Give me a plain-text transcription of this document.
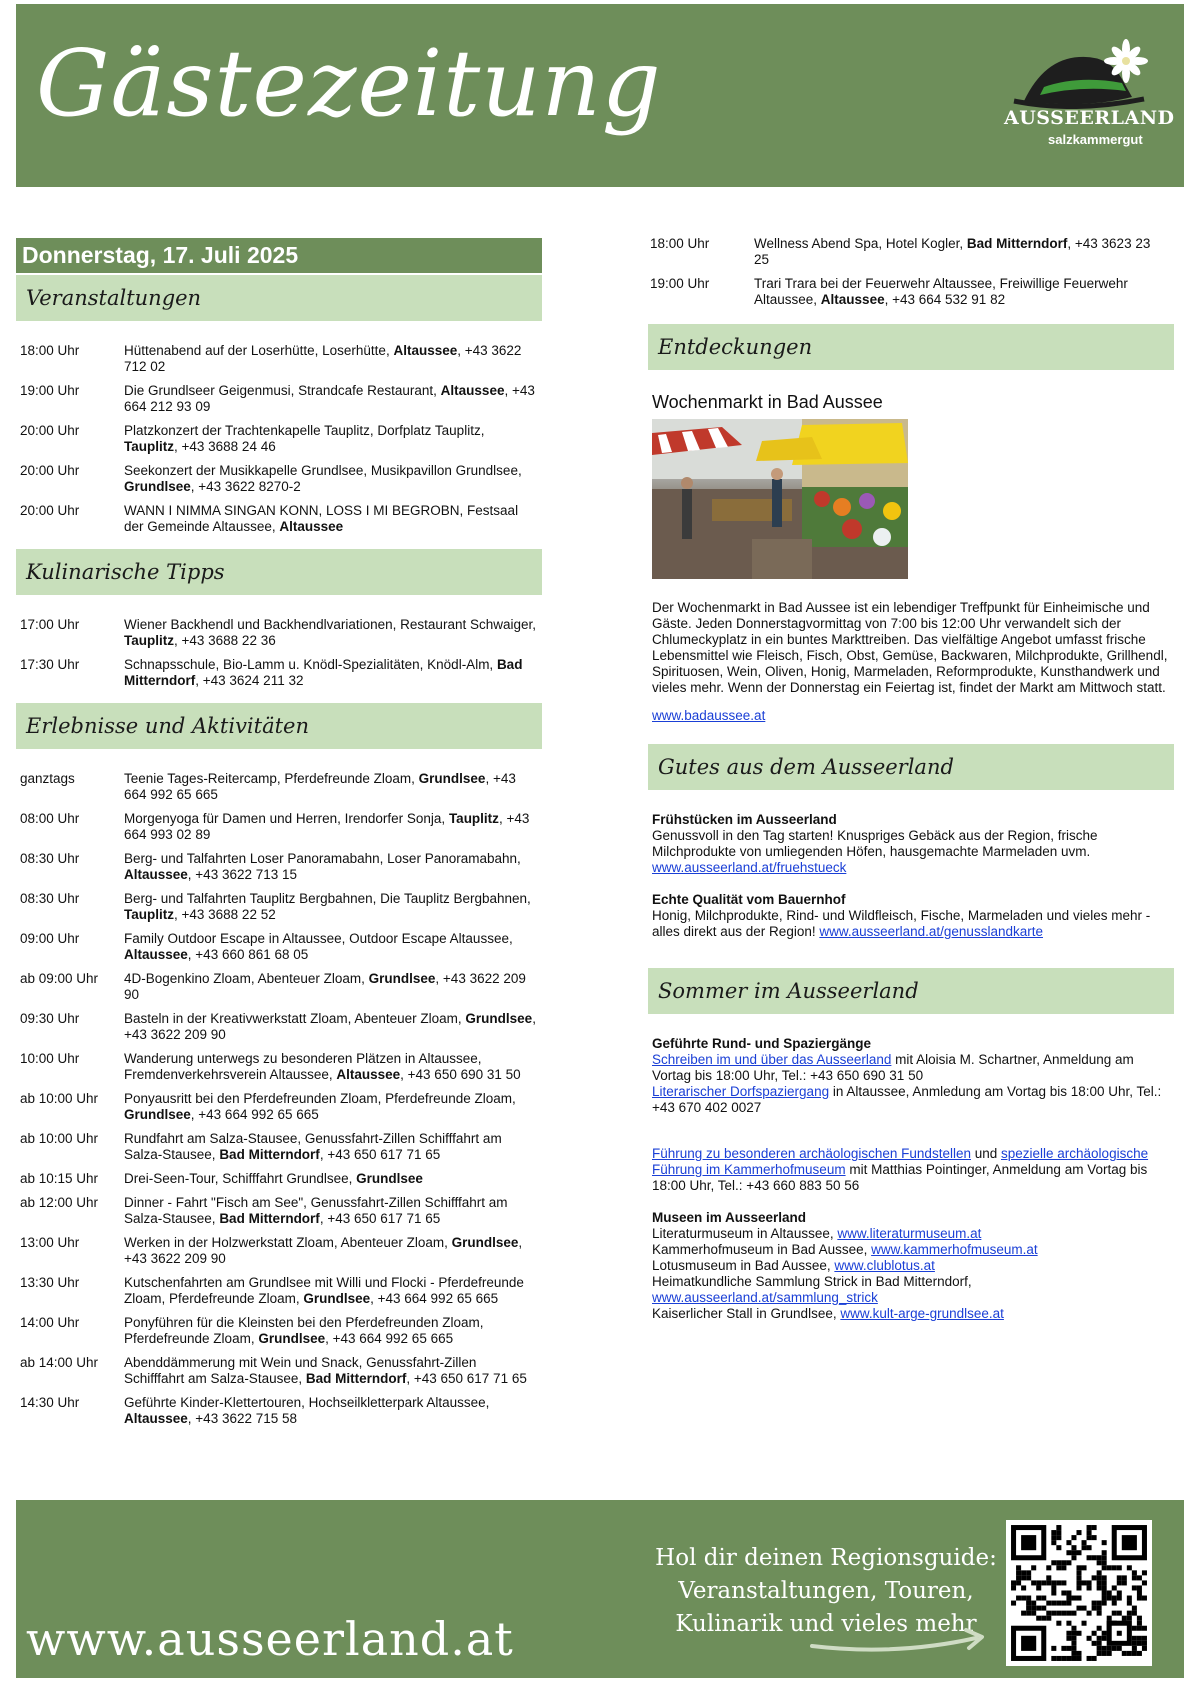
Gästezeitung	AUSSEERLAND
salzkammergut
Donnerstag, 17. Juli 2025
Veranstaltungen
18:00 Uhr	Hüttenabend auf der Loserhütte, Loserhütte, Altaussee, +43 3622 712 02
19:00 Uhr	Die Grundlseer Geigenmusi, Strandcafe Restaurant, Altaussee, +43 664 212 93 09
20:00 Uhr	Platzkonzert der Trachtenkapelle Tauplitz, Dorfplatz Tauplitz, Tauplitz, +43 3688 24 46
20:00 Uhr	Seekonzert der Musikkapelle Grundlsee, Musikpavillon Grundlsee, Grundlsee, +43 3622 8270-2
20:00 Uhr	WANN I NIMMA SINGAN KONN, LOSS I MI BEGROBN, Festsaal der Gemeinde Altaussee, Altaussee
Kulinarische Tipps
17:00 Uhr	Wiener Backhendl und Backhendlvariationen, Restaurant Schwaiger, Tauplitz, +43 3688 22 36
17:30 Uhr	Schnapsschule, Bio-Lamm u. Knödl-Spezialitäten, Knödl-Alm, Bad Mitterndorf, +43 3624 211 32
Erlebnisse und Aktivitäten
ganztags	Teenie Tages-Reitercamp, Pferdefreunde Zloam, Grundlsee, +43 664 992 65 665
08:00 Uhr	Morgenyoga für Damen und Herren, Irendorfer Sonja, Tauplitz, +43 664 993 02 89
08:30 Uhr	Berg- und Talfahrten Loser Panoramabahn, Loser Panoramabahn, Altaussee, +43 3622 713 15
08:30 Uhr	Berg- und Talfahrten Tauplitz Bergbahnen, Die Tauplitz Bergbahnen, Tauplitz, +43 3688 22 52
09:00 Uhr	Family Outdoor Escape in Altaussee, Outdoor Escape Altaussee, Altaussee, +43 660 861 68 05
ab 09:00 Uhr	4D-Bogenkino Zloam, Abenteuer Zloam, Grundlsee, +43 3622 209 90
09:30 Uhr	Basteln in der Kreativwerkstatt Zloam, Abenteuer Zloam, Grundlsee, +43 3622 209 90
10:00 Uhr	Wanderung unterwegs zu besonderen Plätzen in Altaussee, Fremdenverkehrsverein Altaussee, Altaussee, +43 650 690 31 50
ab 10:00 Uhr	Ponyausritt bei den Pferdefreunden Zloam, Pferdefreunde Zloam, Grundlsee, +43 664 992 65 665
ab 10:00 Uhr	Rundfahrt am Salza-Stausee, Genussfahrt-Zillen Schifffahrt am Salza-Stausee, Bad Mitterndorf, +43 650 617 71 65
ab 10:15 Uhr	Drei-Seen-Tour, Schifffahrt Grundlsee, Grundlsee
ab 12:00 Uhr	Dinner - Fahrt "Fisch am See", Genussfahrt-Zillen Schifffahrt am Salza-Stausee, Bad Mitterndorf, +43 650 617 71 65
13:00 Uhr	Werken in der Holzwerkstatt Zloam, Abenteuer Zloam, Grundlsee, +43 3622 209 90
13:30 Uhr	Kutschenfahrten am Grundlsee mit Willi und Flocki - Pferdefreunde Zloam, Pferdefreunde Zloam, Grundlsee, +43 664 992 65 665
14:00 Uhr	Ponyführen für die Kleinsten bei den Pferdefreunden Zloam, Pferdefreunde Zloam, Grundlsee, +43 664 992 65 665
ab 14:00 Uhr	Abenddämmerung mit Wein und Snack, Genussfahrt-Zillen Schifffahrt am Salza-Stausee, Bad Mitterndorf, +43 650 617 71 65
14:30 Uhr	Geführte Kinder-Klettertouren, Hochseilkletterpark Altaussee, Altaussee, +43 3622 715 58
18:00 Uhr	Wellness Abend Spa, Hotel Kogler, Bad Mitterndorf, +43 3623 23 25
19:00 Uhr	Trari Trara bei der Feuerwehr Altaussee, Freiwillige Feuerwehr Altaussee, Altaussee, +43 664 532 91 82
Entdeckungen
Wochenmarkt in Bad Aussee
Der Wochenmarkt in Bad Aussee ist ein lebendiger Treffpunkt für Einheimische und Gäste. Jeden Donnerstagvormittag von 7:00 bis 12:00 Uhr verwandelt sich der Chlumeckyplatz in ein buntes Markttreiben. Das vielfältige Angebot umfasst frische Lebensmittel wie Fleisch, Fisch, Obst, Gemüse, Backwaren, Milchprodukte, Grillhendl, Spirituosen, Wein, Oliven, Honig, Marmeladen, Reformprodukte, Kunsthandwerk und vieles mehr. Wenn der Donnerstag ein Feiertag ist, findet der Markt am Mittwoch statt.
www.badaussee.at
Gutes aus dem Ausseerland
Frühstücken im Ausseerland
Genussvoll in den Tag starten! Knuspriges Gebäck aus der Region, frische Milchprodukte von umliegenden Höfen, hausgemachte Marmeladen uvm.
www.ausseerland.at/fruehstueck
Echte Qualität vom Bauernhof
Honig, Milchprodukte, Rind- und Wildfleisch, Fische, Marmeladen und vieles mehr - alles direkt aus der Region! www.ausseerland.at/genusslandkarte
Sommer im Ausseerland
Geführte Rund- und Spaziergänge
Schreiben im und über das Ausseerland mit Aloisia M. Schartner, Anmeldung am Vortag bis 18:00 Uhr, Tel.: +43 650 690 31 50
Literarischer Dorfspaziergang in Altaussee, Anmledung am Vortag bis 18:00 Uhr, Tel.: +43 670 402 0027
Führung zu besonderen archäologischen Fundstellen und spezielle archäologische Führung im Kammerhofmuseum mit Matthias Pointinger, Anmeldung am Vortag bis 18:00 Uhr, Tel.: +43 660 883 50 56
Museen im Ausseerland
Literaturmuseum in Altaussee, www.literaturmuseum.at
Kammerhofmuseum in Bad Aussee, www.kammerhofmuseum.at
Lotusmuseum in Bad Aussee, www.clublotus.at
Heimatkundliche Sammlung Strick in Bad Mitterndorf, www.ausseerland.at/sammlung_strick
Kaiserlicher Stall in Grundlsee, www.kult-arge-grundlsee.at
www.ausseerland.at
Hol dir deinen Regionsguide:
Veranstaltungen, Touren,
Kulinarik und vieles mehr
